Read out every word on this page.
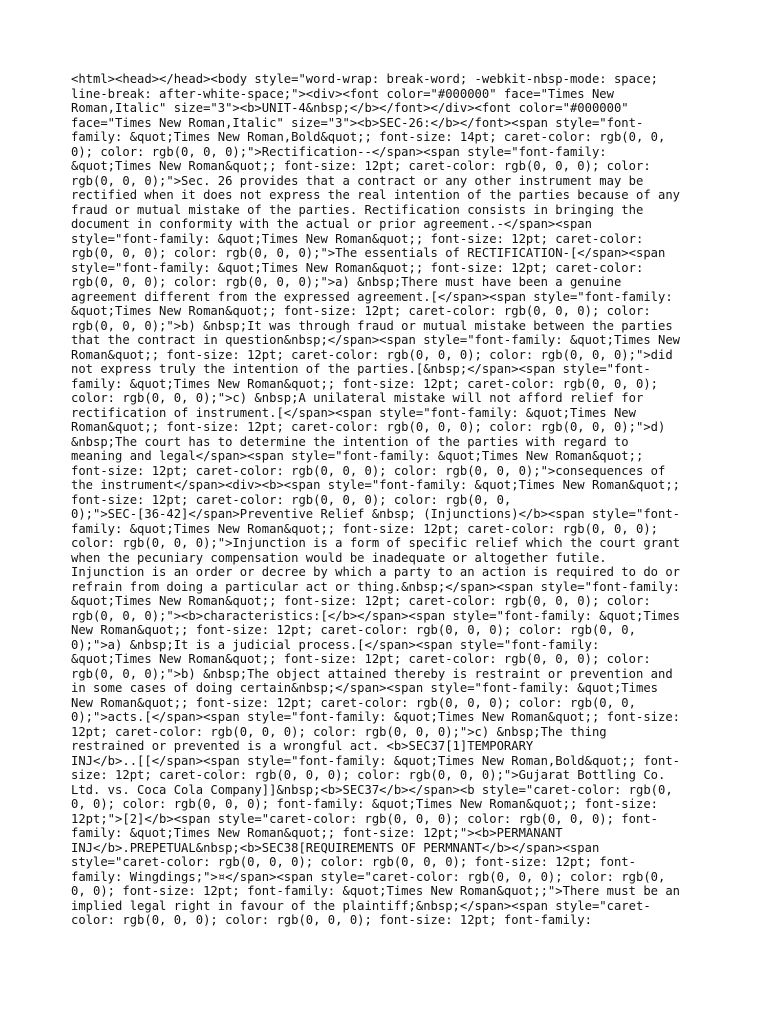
<html><head></head><body style="word-wrap: break-word; -webkit-nbsp-mode: space;
line-break: after-white-space;"><div><font color="#000000" face="Times New
Roman,Italic" size="3"><b>UNIT-4&nbsp;</b></font></div><font color="#000000"
face="Times New Roman,Italic" size="3"><b>SEC-26:</b></font><span style="font-
family: &quot;Times New Roman,Bold&quot;; font-size: 14pt; caret-color: rgb(0, 0,
0); color: rgb(0, 0, 0);">Rectification--</span><span style="font-family:
&quot;Times New Roman&quot;; font-size: 12pt; caret-color: rgb(0, 0, 0); color:
rgb(0, 0, 0);">Sec. 26 provides that a contract or any other instrument may be
rectified when it does not express the real intention of the parties because of any
fraud or mutual mistake of the parties. Rectification consists in bringing the
document in conformity with the actual or prior agreement.-</span><span
style="font-family: &quot;Times New Roman&quot;; font-size: 12pt; caret-color:
rgb(0, 0, 0); color: rgb(0, 0, 0);">The essentials of RECTIFICATION-[</span><span
style="font-family: &quot;Times New Roman&quot;; font-size: 12pt; caret-color:
rgb(0, 0, 0); color: rgb(0, 0, 0);">a) &nbsp;There must have been a genuine
agreement different from the expressed agreement.[</span><span style="font-family:
&quot;Times New Roman&quot;; font-size: 12pt; caret-color: rgb(0, 0, 0); color:
rgb(0, 0, 0);">b) &nbsp;It was through fraud or mutual mistake between the parties
that the contract in question&nbsp;</span><span style="font-family: &quot;Times New
Roman&quot;; font-size: 12pt; caret-color: rgb(0, 0, 0); color: rgb(0, 0, 0);">did
not express truly the intention of the parties.[&nbsp;</span><span style="font-
family: &quot;Times New Roman&quot;; font-size: 12pt; caret-color: rgb(0, 0, 0);
color: rgb(0, 0, 0);">c) &nbsp;A unilateral mistake will not afford relief for
rectification of instrument.[</span><span style="font-family: &quot;Times New
Roman&quot;; font-size: 12pt; caret-color: rgb(0, 0, 0); color: rgb(0, 0, 0);">d)
&nbsp;The court has to determine the intention of the parties with regard to
meaning and legal</span><span style="font-family: &quot;Times New Roman&quot;;
font-size: 12pt; caret-color: rgb(0, 0, 0); color: rgb(0, 0, 0);">consequences of
the instrument</span><div><b><span style="font-family: &quot;Times New Roman&quot;;
font-size: 12pt; caret-color: rgb(0, 0, 0); color: rgb(0, 0,
0);">SEC-[36-42]</span>Preventive Relief &nbsp; (Injunctions)</b><span style="font-
family: &quot;Times New Roman&quot;; font-size: 12pt; caret-color: rgb(0, 0, 0);
color: rgb(0, 0, 0);">Injunction is a form of specific relief which the court grant
when the pecuniary compensation would be inadequate or altogether futile.
Injunction is an order or decree by which a party to an action is required to do or
refrain from doing a particular act or thing.&nbsp;</span><span style="font-family:
&quot;Times New Roman&quot;; font-size: 12pt; caret-color: rgb(0, 0, 0); color:
rgb(0, 0, 0);"><b>characteristics:[</b></span><span style="font-family: &quot;Times
New Roman&quot;; font-size: 12pt; caret-color: rgb(0, 0, 0); color: rgb(0, 0,
0);">a) &nbsp;It is a judicial process.[</span><span style="font-family:
&quot;Times New Roman&quot;; font-size: 12pt; caret-color: rgb(0, 0, 0); color:
rgb(0, 0, 0);">b) &nbsp;The object attained thereby is restraint or prevention and
in some cases of doing certain&nbsp;</span><span style="font-family: &quot;Times
New Roman&quot;; font-size: 12pt; caret-color: rgb(0, 0, 0); color: rgb(0, 0,
0);">acts.[</span><span style="font-family: &quot;Times New Roman&quot;; font-size:
12pt; caret-color: rgb(0, 0, 0); color: rgb(0, 0, 0);">c) &nbsp;The thing
restrained or prevented is a wrongful act. <b>SEC37[1]TEMPORARY
INJ</b>..[[</span><span style="font-family: &quot;Times New Roman,Bold&quot;; font-
size: 12pt; caret-color: rgb(0, 0, 0); color: rgb(0, 0, 0);">Gujarat Bottling Co.
Ltd. vs. Coca Cola Company]]&nbsp;<b>SEC37</b></span><b style="caret-color: rgb(0,
0, 0); color: rgb(0, 0, 0); font-family: &quot;Times New Roman&quot;; font-size:
12pt;">[2]</b><span style="caret-color: rgb(0, 0, 0); color: rgb(0, 0, 0); font-
family: &quot;Times New Roman&quot;; font-size: 12pt;"><b>PERMANANT
INJ</b>.PREPETUAL&nbsp;<b>SEC38[REQUIREMENTS OF PERMNANT</b></span><span
style="caret-color: rgb(0, 0, 0); color: rgb(0, 0, 0); font-size: 12pt; font-
family: Wingdings;">¤</span><span style="caret-color: rgb(0, 0, 0); color: rgb(0,
0, 0); font-size: 12pt; font-family: &quot;Times New Roman&quot;;">There must be an
implied legal right in favour of the plaintiff;&nbsp;</span><span style="caret-
color: rgb(0, 0, 0); color: rgb(0, 0, 0); font-size: 12pt; font-family:
